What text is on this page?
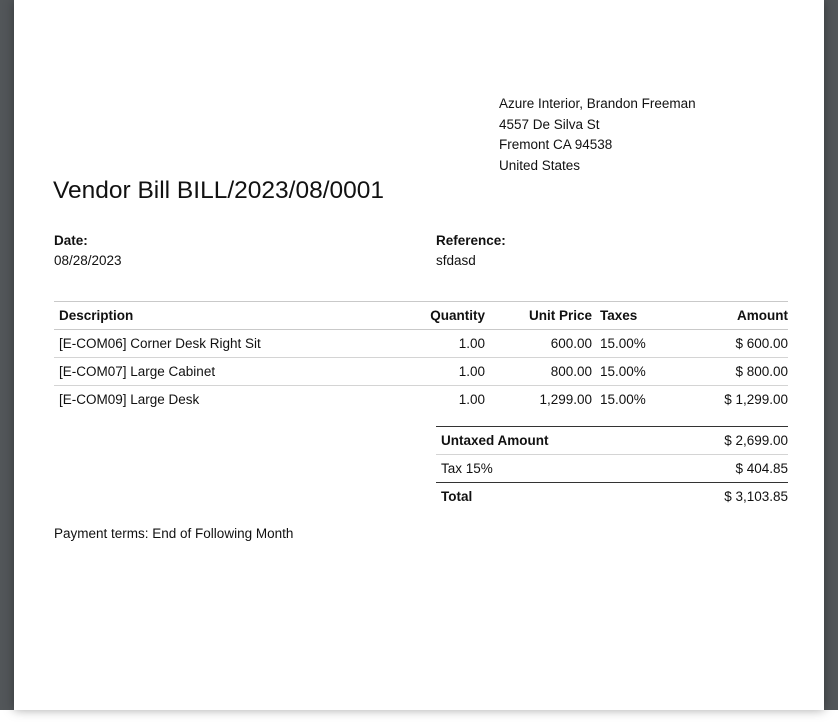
Azure Interior, Brandon Freeman
4557 De Silva St
Fremont CA 94538
United States
Vendor Bill BILL/2023/08/0001
Date:
08/28/2023
Reference:
sfdasd
Description	Quantity	Unit Price	Taxes	Amount
[E-COM06] Corner Desk Right Sit	1.00	600.00	15.00%	$ 600.00
[E-COM07] Large Cabinet	1.00	800.00	15.00%	$ 800.00
[E-COM09] Large Desk	1.00	1,299.00	15.00%	$ 1,299.00
Untaxed Amount	$ 2,699.00
Tax 15%	$ 404.85
Total	$ 3,103.85
Payment terms: End of Following Month
